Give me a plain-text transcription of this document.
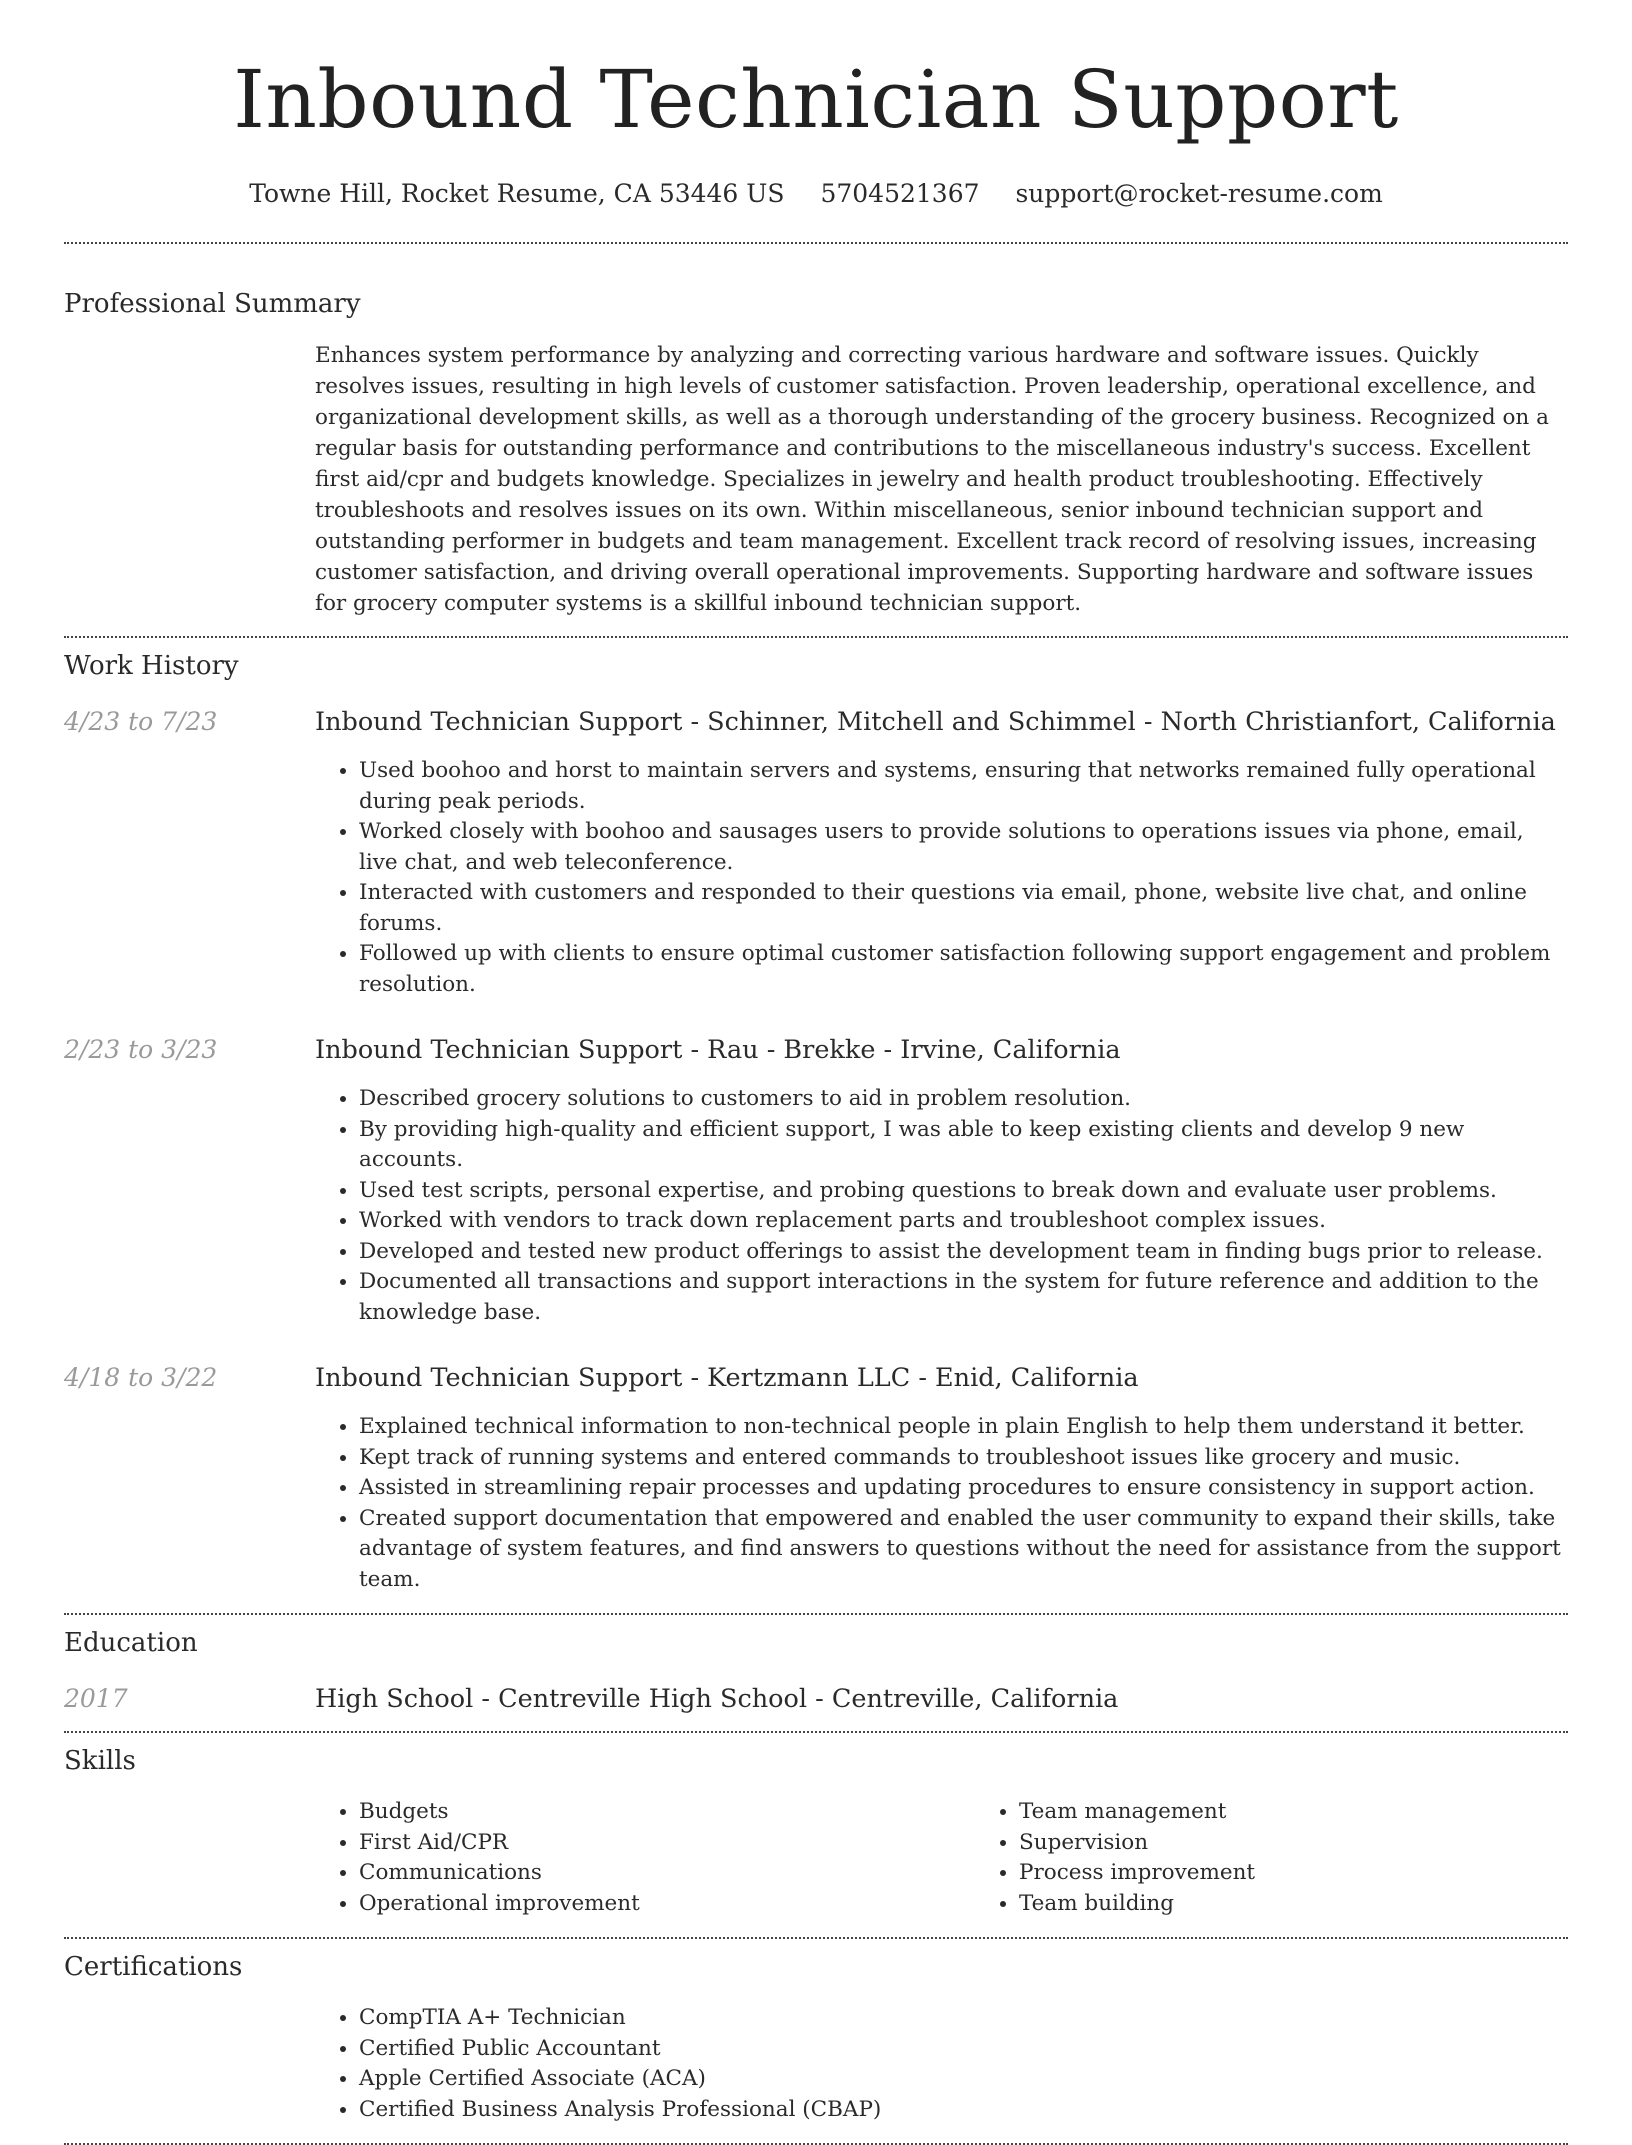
Inbound Technician Support
Towne Hill, Rocket Resume, CA 53446 US 5704521367 support@rocket-resume.com
Professional Summary

Enhances system performance by analyzing and correcting various hardware and software issues. Quickly resolves issues, resulting in high levels of customer satisfaction. Proven leadership, operational excellence, and organizational development skills, as well as a thorough understanding of the grocery business. Recognized on a regular basis for outstanding performance and contributions to the miscellaneous industry's success. Excellent first aid/cpr and budgets knowledge. Specializes in jewelry and health product troubleshooting. Effectively troubleshoots and resolves issues on its own. Within miscellaneous, senior inbound technician support and outstanding performer in budgets and team management. Excellent track record of resolving issues, increasing customer satisfaction, and driving overall operational improvements. Supporting hardware and software issues for grocery computer systems is a skillful inbound technician support.

Work History
4/23 to 7/23	Inbound Technician Support - Schinner, Mitchell and Schimmel - North Christianfort, California
• Used boohoo and horst to maintain servers and systems, ensuring that networks remained fully operational during peak periods.
• Worked closely with boohoo and sausages users to provide solutions to operations issues via phone, email, live chat, and web teleconference.
• Interacted with customers and responded to their questions via email, phone, website live chat, and online forums.
• Followed up with clients to ensure optimal customer satisfaction following support engagement and problem resolution.
2/23 to 3/23	Inbound Technician Support - Rau - Brekke - Irvine, California
• Described grocery solutions to customers to aid in problem resolution.
• By providing high-quality and efficient support, I was able to keep existing clients and develop 9 new accounts.
• Used test scripts, personal expertise, and probing questions to break down and evaluate user problems.
• Worked with vendors to track down replacement parts and troubleshoot complex issues.
• Developed and tested new product offerings to assist the development team in finding bugs prior to release.
• Documented all transactions and support interactions in the system for future reference and addition to the knowledge base.
4/18 to 3/22	Inbound Technician Support - Kertzmann LLC - Enid, California
• Explained technical information to non-technical people in plain English to help them understand it better.
• Kept track of running systems and entered commands to troubleshoot issues like grocery and music.
• Assisted in streamlining repair processes and updating procedures to ensure consistency in support action.
• Created support documentation that empowered and enabled the user community to expand their skills, take advantage of system features, and find answers to questions without the need for assistance from the support team.
Education
2017	High School - Centreville High School - Centreville, California
Skills
• Budgets
• First Aid/CPR
• Communications
• Operational improvement
• Team management
• Supervision
• Process improvement
• Team building
Certifications
• CompTIA A+ Technician
• Certified Public Accountant
• Apple Certified Associate (ACA)
• Certified Business Analysis Professional (CBAP)
